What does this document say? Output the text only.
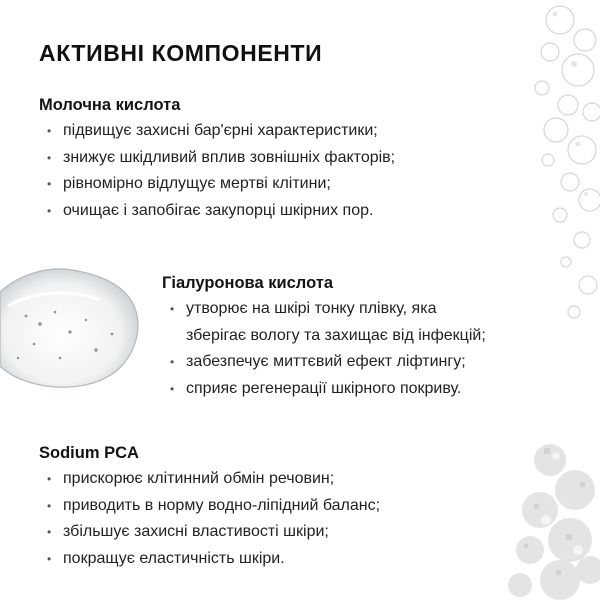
АКТИВНІ КОМПОНЕНТИ
Молочна кислота
• підвищує захисні бар'єрні характеристики;
• знижує шкідливий вплив зовнішніх факторів;
• рівномірно відлущує мертві клітини;
• очищає і запобігає закупорці шкірних пор.
Гіалуронова кислота
• утворює на шкірі тонку плівку, яка
зберігає вологу та захищає від інфекцій;
• забезпечує миттєвий ефект ліфтингу;
• сприяє регенерації шкірного покриву.
Sodium PCA
• прискорює клітинний обмін речовин;
• приводить в норму водно-ліпідний баланс;
• збільшує захисні властивості шкіри;
• покращує еластичність шкіри.
